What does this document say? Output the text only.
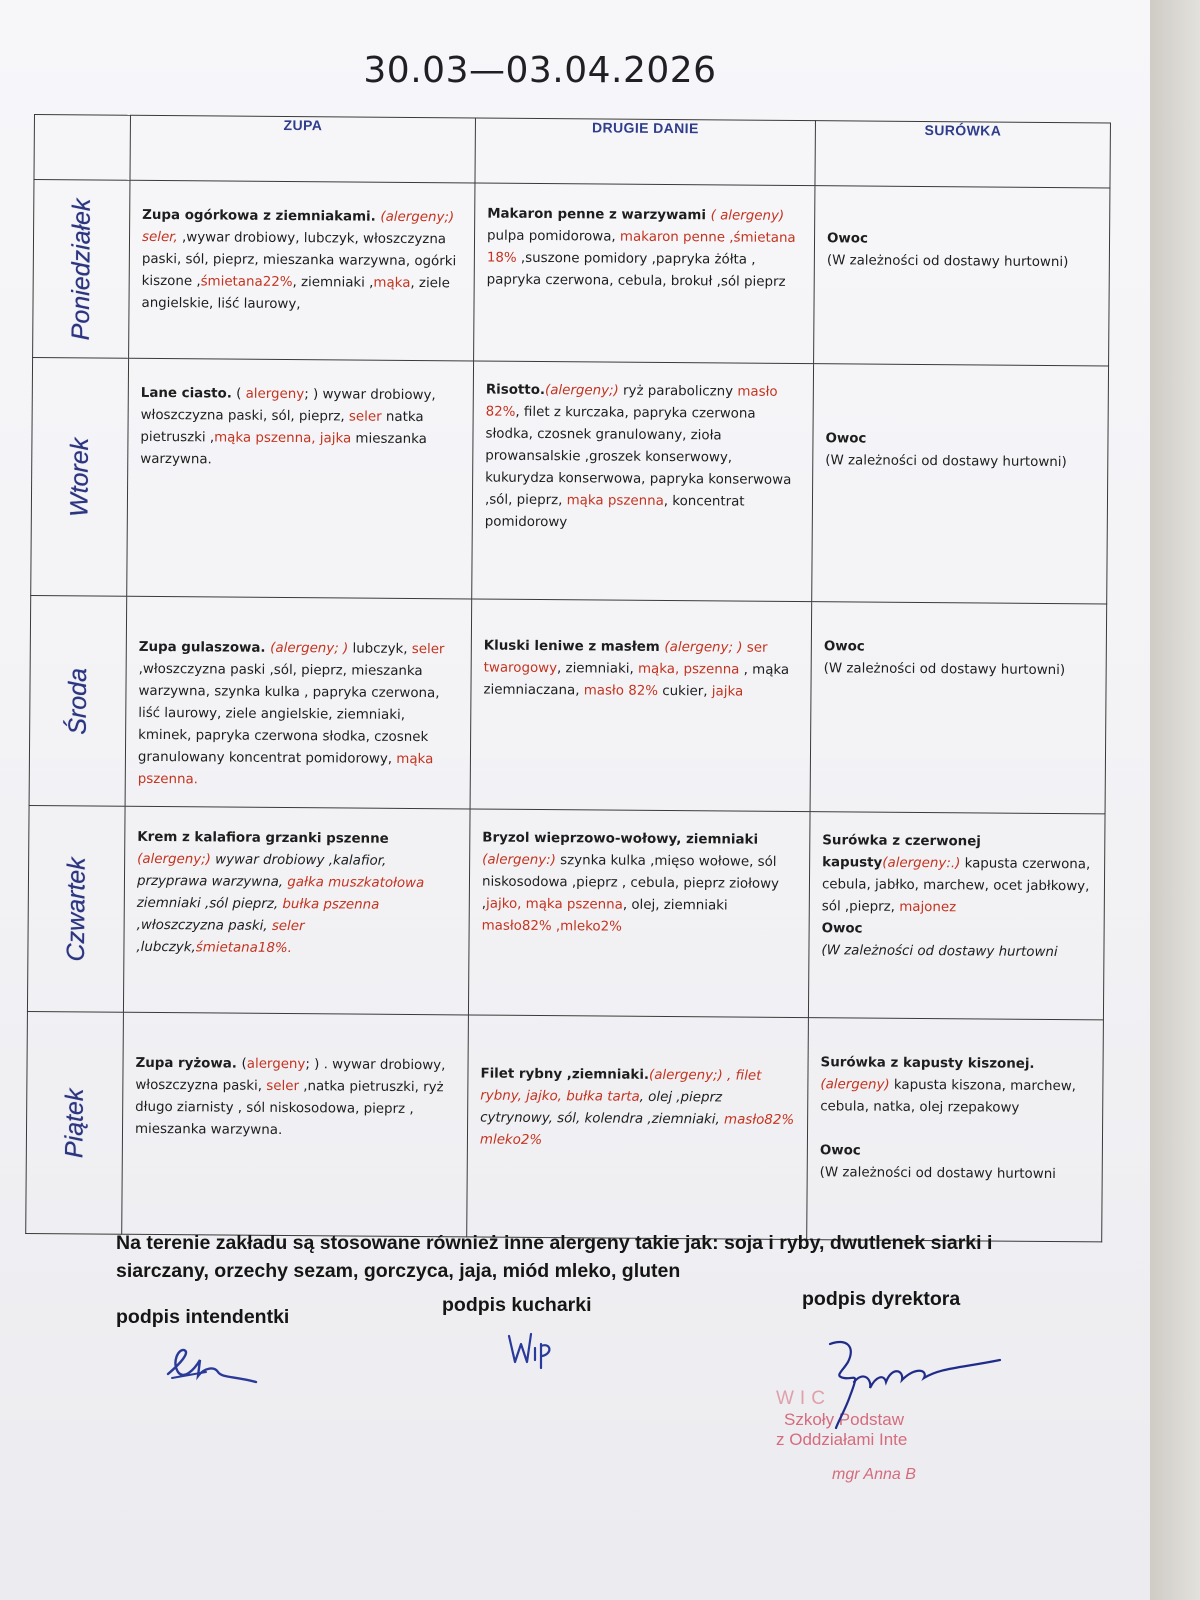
30.03—03.04.2026
	ZUPA	DRUGIE DANIE	SURÓWKA

Poniedziałek	Zupa ogórkowa z ziemniakami. (alergeny;) seler, ,wywar drobiowy, lubczyk, włoszczyzna paski, sól, pieprz, mieszanka warzywna, ogórki kiszone ,śmietana22%, ziemniaki ,mąka, ziele angielskie, liść laurowy,	Makaron penne z warzywami ( alergeny) pulpa pomidorowa, makaron penne ,śmietana 18% ,suszone pomidory ,papryka żółta , papryka czerwona, cebula, brokuł ,sól pieprz	Owoc
(W zależności od dostawy hurtowni)

Wtorek	Lane ciasto. ( alergeny; ) wywar drobiowy, włoszczyzna paski, sól, pieprz, seler natka pietruszki ,mąka pszenna, jajka mieszanka warzywna.	Risotto.(alergeny;) ryż paraboliczny masło 82%, filet z kurczaka, papryka czerwona słodka, czosnek granulowany, zioła prowansalskie ,groszek konserwowy, kukurydza konserwowa, papryka konserwowa ,sól, pieprz, mąka pszenna, koncentrat pomidorowy	Owoc
(W zależności od dostawy hurtowni)

Środa	Zupa gulaszowa. (alergeny; ) lubczyk, seler ,włoszczyzna paski ,sól, pieprz, mieszanka warzywna, szynka kulka , papryka czerwona, liść laurowy, ziele angielskie, ziemniaki, kminek, papryka czerwona słodka, czosnek granulowany koncentrat pomidorowy, mąka pszenna.	Kluski leniwe z masłem (alergeny; ) ser twarogowy, ziemniaki, mąka, pszenna , mąka ziemniaczana, masło 82% cukier, jajka	Owoc
(W zależności od dostawy hurtowni)

Czwartek	Krem z kalafiora grzanki pszenne (alergeny;) wywar drobiowy ,kalafior, przyprawa warzywna, gałka muszkatołowa ziemniaki ,sól pieprz, bułka pszenna ,włoszczyzna paski, seler ,lubczyk,śmietana18%.	Bryzol wieprzowo-wołowy, ziemniaki (alergeny:) szynka kulka ,mięso wołowe, sól niskosodowa ,pieprz , cebula, pieprz ziołowy ,jajko, mąka pszenna, olej, ziemniaki masło82% ,mleko2%	Surówka z czerwonej kapusty(alergeny:.) kapusta czerwona, cebula, jabłko, marchew, ocet jabłkowy, sól ,pieprz, majonez
Owoc
(W zależności od dostawy hurtowni

Piątek	Zupa ryżowa. (alergeny; ) . wywar drobiowy, włoszczyzna paski, seler ,natka pietruszki, ryż długo ziarnisty , sól niskosodowa, pieprz , mieszanka warzywna.	Filet rybny ,ziemniaki.(alergeny;) , filet rybny, jajko, bułka tarta, olej ,pieprz cytrynowy, sól, kolendra ,ziemniaki, masło82% mleko2%	Surówka z kapusty kiszonej.(alergeny) kapusta kiszona, marchew, cebula, natka, olej rzepakowy

Owoc
(W zależności od dostawy hurtowni
Na terenie zakładu są stosowane również inne alergeny takie jak: soja i ryby, dwutlenek siarki i
siarczany, orzechy sezam, gorczyca, jaja, miód mleko, gluten
podpis intendentki
podpis kucharki	podpis dyrektora
WIC
Szkoły Podstaw
z Oddziałami Inte
mgr Anna B
